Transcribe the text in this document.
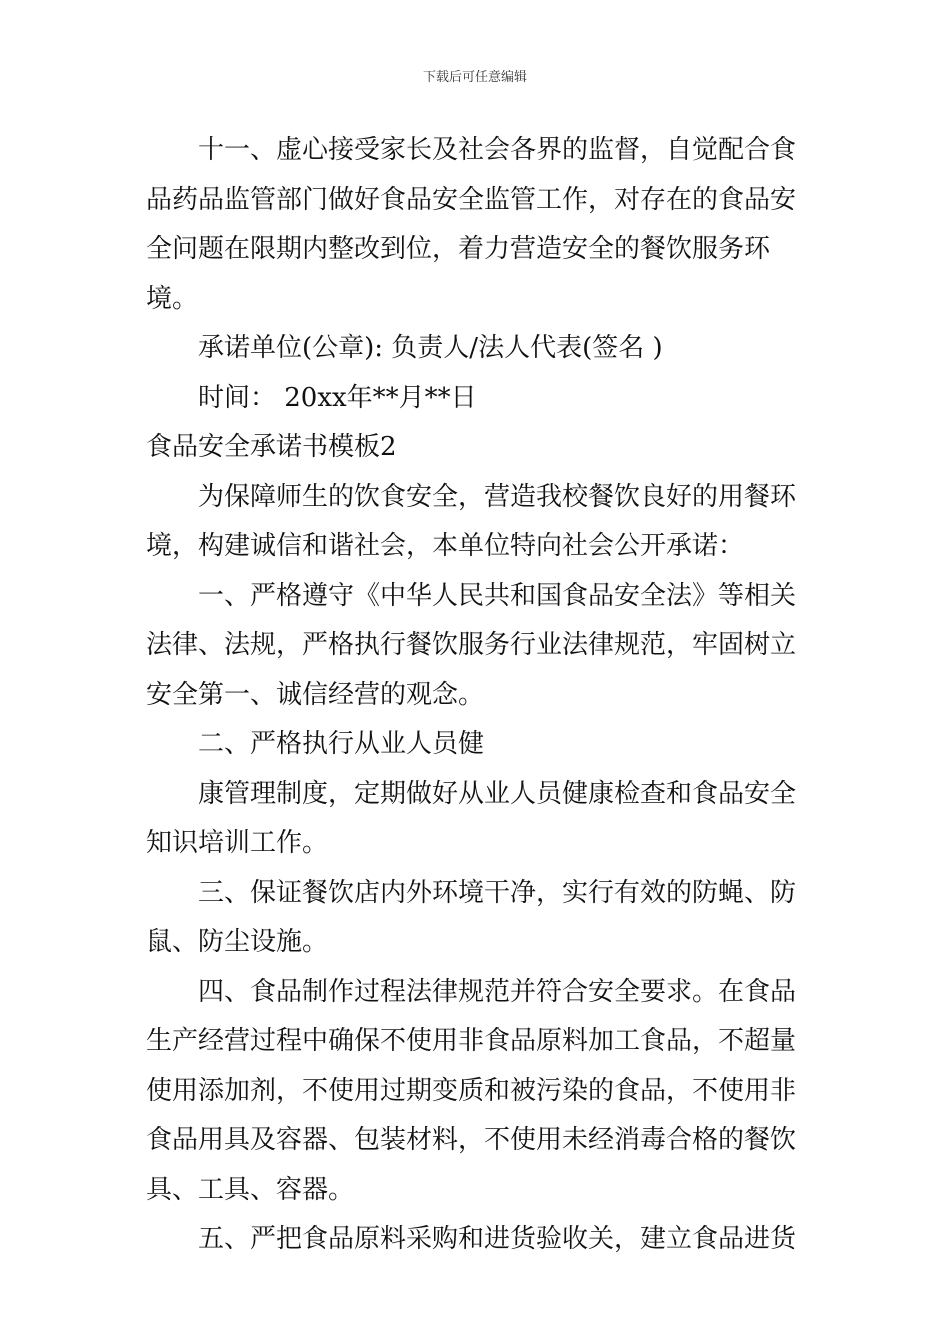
下载后可任意编辑

十一、虚心接受家长及社会各界的监督，自觉配合食品药品监管部门做好食品安全监管工作，对存在的食品安全问题在限期内整改到位，着力营造安全的餐饮服务环境。

承诺单位(公章): 负责人/法人代表(签名 )

时间： 20xx年**月**日

食品安全承诺书模板2

为保障师生的饮食安全，营造我校餐饮良好的用餐环境，构建诚信和谐社会，本单位特向社会公开承诺：

一、严格遵守《中华人民共和国食品安全法》等相关法律、法规，严格执行餐饮服务行业法律规范，牢固树立安全第一、诚信经营的观念。

二、严格执行从业人员健

康管理制度，定期做好从业人员健康检查和食品安全知识培训工作。

三、保证餐饮店内外环境干净，实行有效的防蝇、防鼠、防尘设施。

四、食品制作过程法律规范并符合安全要求。在食品生产经营过程中确保不使用非食品原料加工食品，不超量使用添加剂，不使用过期变质和被污染的食品，不使用非食品用具及容器、包装材料，不使用未经消毒合格的餐饮具、工具、容器。

五、严把食品原料采购和进货验收关，建立食品进货
